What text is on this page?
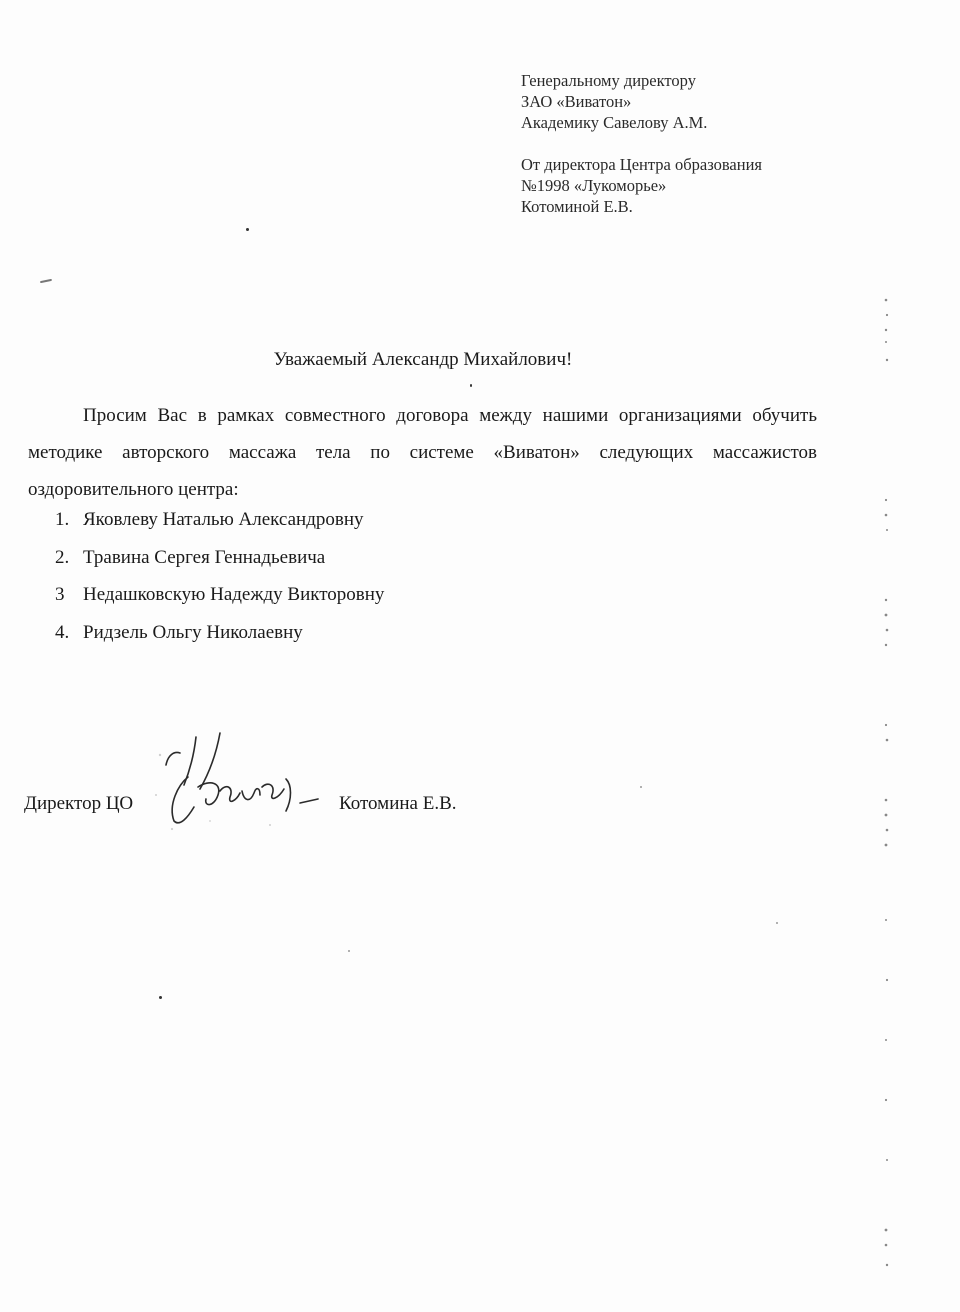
Генеральному директору
ЗАО «Виватон»
Академику Савелову А.М.
От директора Центра образования
№1998 «Лукоморье»
Котоминой Е.В.
Уважаемый Александр Михайлович!
Просим Вас в рамках совместного договора между нашими организациями обучить методике авторского массажа тела по системе «Виватон» следующих массажистов оздоровительного центра:
1. Яковлеву Наталью Александровну
2. Травина Сергея Геннадьевича
3 Недашковскую Надежду Викторовну
4. Ридзель Ольгу Николаевну
Директор ЦО	Котомина Е.В.
